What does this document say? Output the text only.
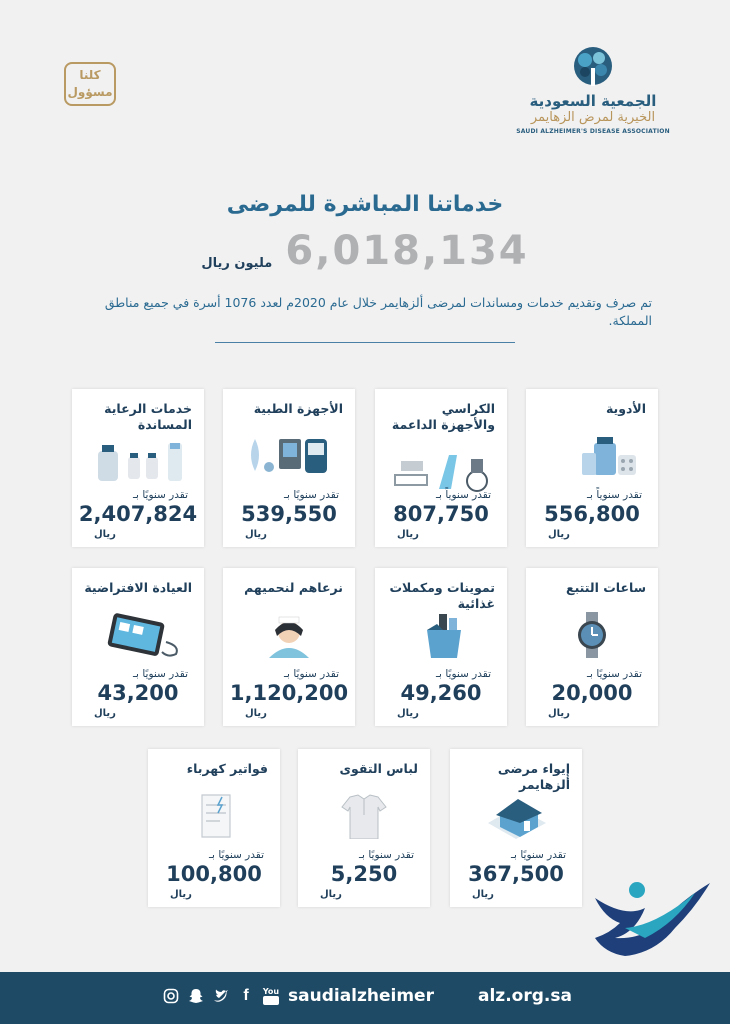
كلنا
مسؤول	الجمعية السعودية
الخيرية لمرض الزهايمر
SAUDI ALZHEIMER'S DISEASE ASSOCIATION
خدماتنا المباشرة للمرضى
6,018,134 مليون ريال
تم صرف وتقديم خدمات ومساندات لمرضى ألزهايمر خلال عام 2020م لعدد 1076 أسرة في جميع مناطق المملكة.
الأدوية
تقدر سنوياً بـ
556,800
ريال
الكراسي والأجهزة الداعمة
تقدر سنوياً بـ
807,750
ريال
الأجهزة الطبية
تقدر سنويًا بـ
539,550
ريال
خدمات الرعاية المساندة
تقدر سنويًا بـ
2,407,824
ريال
ساعات التتبع
تقدر سنويًا بـ
20,000
ريال
تموينات ومكملات غذائية
تقدر سنويًا بـ
49,260
ريال
نرعاهم لنحميهم
تقدر سنويًا بـ
1,120,200
ريال
العيادة الافتراضية
تقدر سنويًا بـ
43,200
ريال
إيواء مرضى ألزهايمر
تقدر سنويًا بـ
367,500
ريال
لباس التقوى
تقدر سنويًا بـ
5,250
ريال
فواتير كهرباء
تقدر سنويًا بـ
100,800
ريال
alz.org.sa
saudialzheimer
f	You
